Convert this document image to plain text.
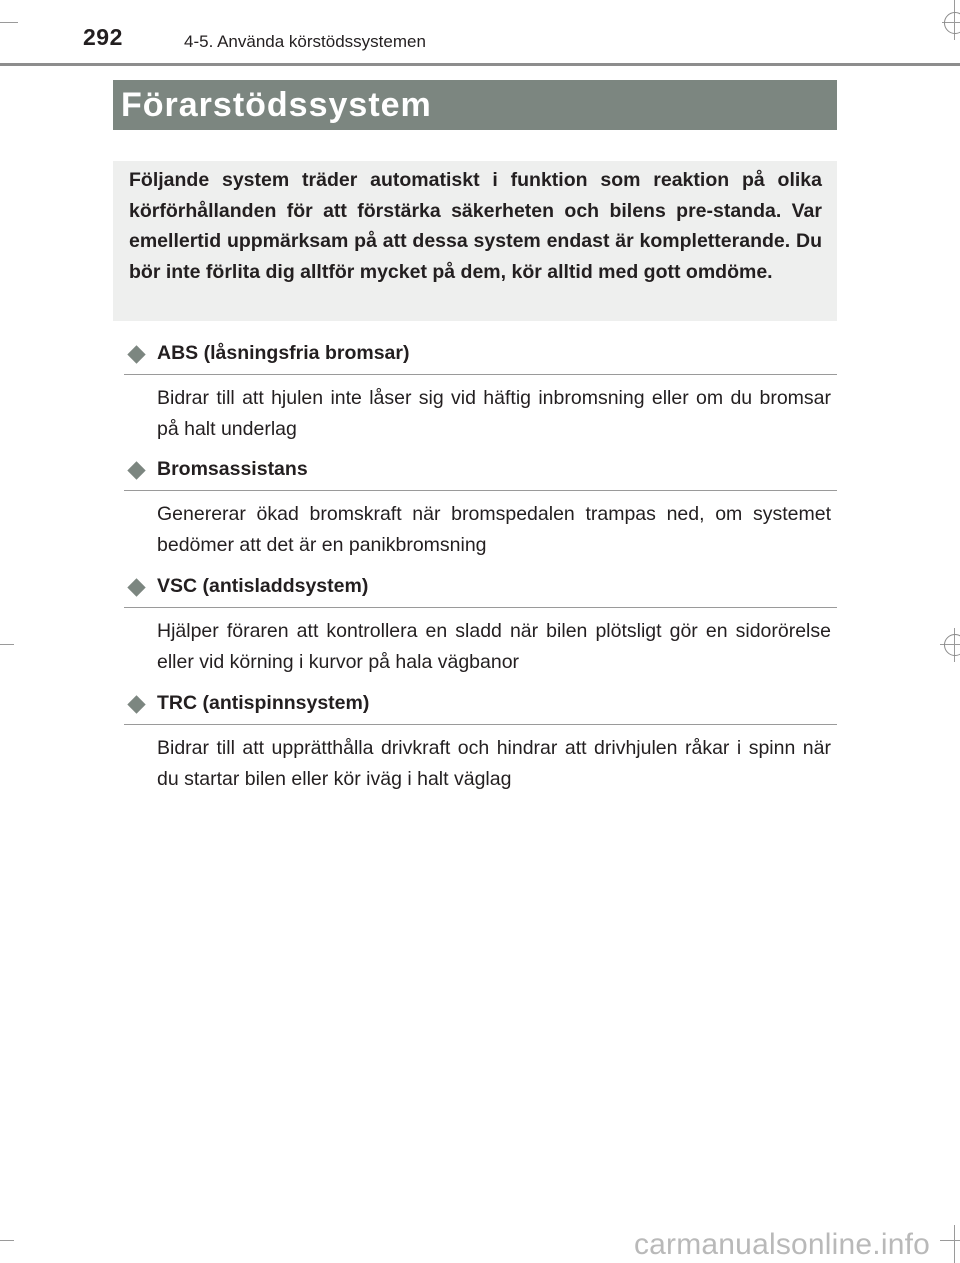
292	4-5. Använda körstödssystemen
Förarstödssystem
Följande system träder automatiskt i funktion som reaktion på olika körförhållanden för att förstärka säkerheten och bilens pre-standa. Var emellertid uppmärksam på att dessa system endast är kompletterande. Du bör inte förlita dig alltför mycket på dem, kör alltid med gott omdöme.
ABS (låsningsfria bromsar)
Bidrar till att hjulen inte låser sig vid häftig inbromsning eller om du bromsar på halt underlag
Bromsassistans
Genererar ökad bromskraft när bromspedalen trampas ned, om systemet bedömer att det är en panikbromsning
VSC (antisladdsystem)
Hjälper föraren att kontrollera en sladd när bilen plötsligt gör en sidorörelse eller vid körning i kurvor på hala vägbanor
TRC (antispinnsystem)
Bidrar till att upprätthålla drivkraft och hindrar att drivhjulen råkar i spinn när du startar bilen eller kör iväg i halt väglag
carmanualsonline.info
